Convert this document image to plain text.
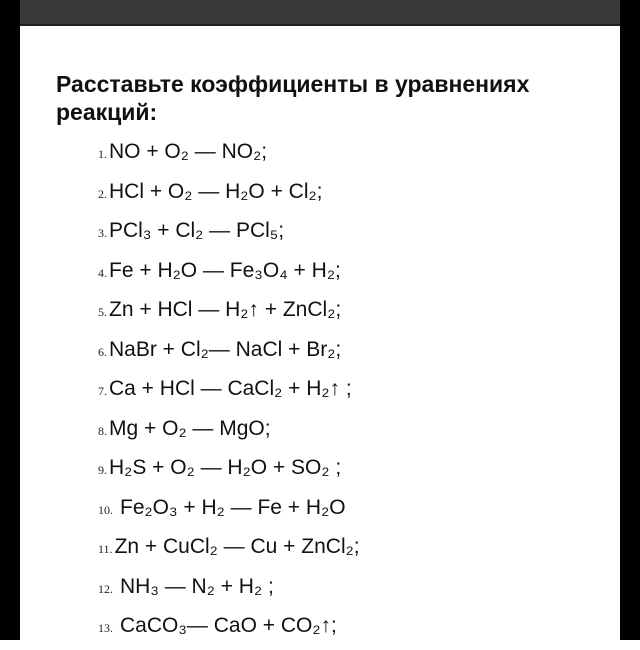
Расставьте коэффициенты в уравнениях реакций:
1. NO + O₂ — NO₂;
2. HCl + O₂ — H₂O + Cl₂;
3. PCl₃ + Cl₂ — PCl₅;
4. Fe + H₂O — Fe₃O₄ + H₂;
5. Zn + HCl — H₂↑ + ZnCl₂;
6. NaBr + Cl₂— NaCl + Br₂;
7. Ca + HCl — CaCl₂ + H₂↑ ;
8. Mg + O₂ — MgO;
9. H₂S + O₂ — H₂O + SO₂ ;
10. Fe₂O₃ + H₂ — Fe + H₂O
11. Zn + CuCl₂ — Cu + ZnCl₂;
12. NH₃ — N₂ + H₂ ;
13. CaCO₃— CaO + CO₂↑;
